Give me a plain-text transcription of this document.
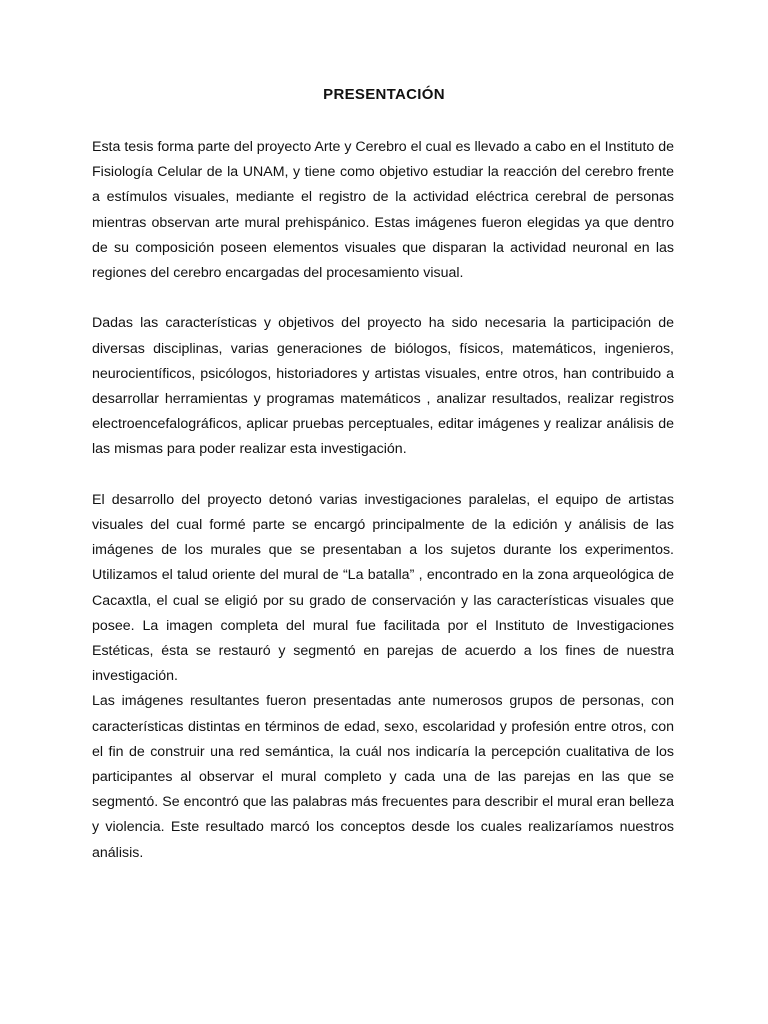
PRESENTACIÓN

Esta tesis forma parte del proyecto Arte y Cerebro el cual es llevado a cabo en el Instituto de Fisiología Celular de la UNAM, y tiene como objetivo estudiar la reacción del cerebro frente a estímulos visuales, mediante el registro de la actividad eléctrica cerebral de personas mientras observan arte mural prehispánico. Estas imágenes fueron elegidas ya que dentro de su composición poseen elementos visuales que disparan la actividad neuronal en las regiones del cerebro encargadas del procesamiento visual.

Dadas las características y objetivos del proyecto ha sido necesaria la participación de diversas disciplinas, varias generaciones de biólogos, físicos, matemáticos, ingenieros, neurocientíficos, psicólogos, historiadores y artistas visuales, entre otros, han contribuido a desarrollar herramientas y programas matemáticos , analizar resultados, realizar registros electroencefalográficos, aplicar pruebas perceptuales, editar imágenes y realizar análisis de las mismas para poder realizar esta investigación.

El desarrollo del proyecto detonó varias investigaciones paralelas, el equipo de artistas visuales del cual formé parte se encargó principalmente de la edición y análisis de las imágenes de los murales que se presentaban a los sujetos durante los experimentos. Utilizamos el talud oriente del mural de “La batalla” , encontrado en la zona arqueológica de Cacaxtla, el cual se eligió por su grado de conservación y las características visuales que posee. La imagen completa del mural fue facilitada por el Instituto de Investigaciones Estéticas, ésta se restauró y segmentó en parejas de acuerdo a los fines de nuestra investigación.

Las imágenes resultantes fueron presentadas ante numerosos grupos de personas, con características distintas en términos de edad, sexo, escolaridad y profesión entre otros, con el fin de construir una red semántica, la cuál nos indicaría la percepción cualitativa de los participantes al observar el mural completo y cada una de las parejas en las que se segmentó. Se encontró que las palabras más frecuentes para describir el mural eran belleza y violencia. Este resultado marcó los conceptos desde los cuales realizaríamos nuestros análisis.
